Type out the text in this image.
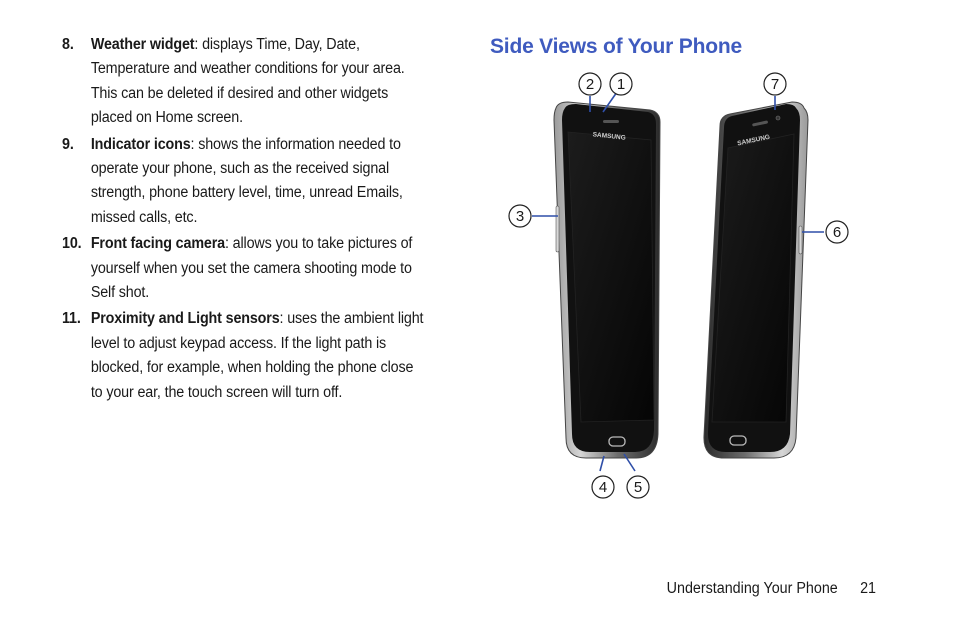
8. Weather widget: displays Time, Day, Date, Temperature and weather conditions for your area. This can be deleted if desired and other widgets placed on Home screen.
9. Indicator icons: shows the information needed to operate your phone, such as the received signal strength, phone battery level, time, unread Emails, missed calls, etc.
10. Front facing camera: allows you to take pictures of yourself when you set the camera shooting mode to Self shot.
11. Proximity and Light sensors: uses the ambient light level to adjust keypad access. If the light path is blocked, for example, when holding the phone close to your ear, the touch screen will turn off.
Side Views of Your Phone
SAMSUNG	SAMSUNG
1
2
3
4 5
6
7
Understanding Your Phone 21
